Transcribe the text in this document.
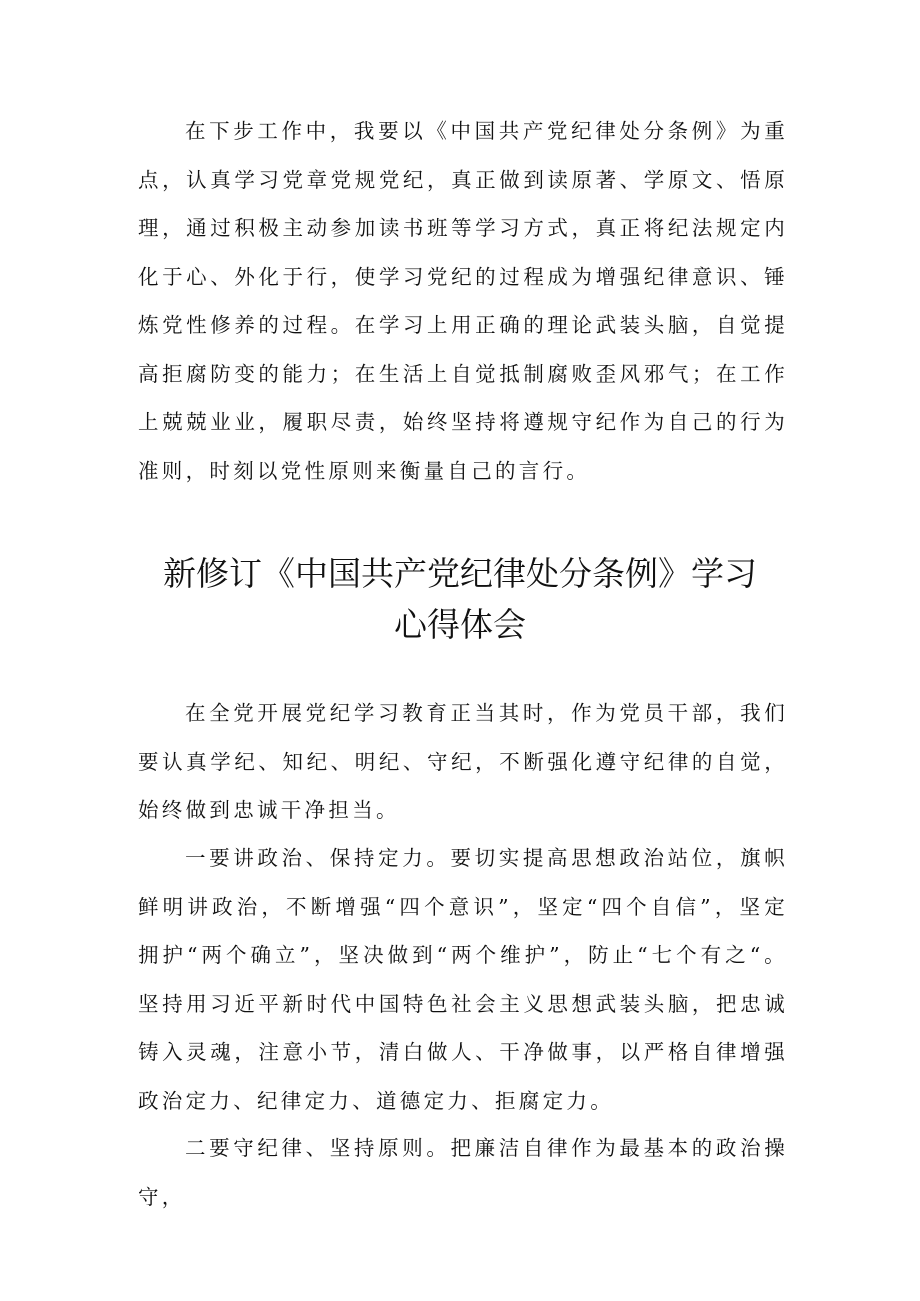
在下步工作中，我要以《中国共产党纪律处分条例》为重点，认真学习党章党规党纪，真正做到读原著、学原文、悟原理，通过积极主动参加读书班等学习方式，真正将纪法规定内化于心、外化于行，使学习党纪的过程成为增强纪律意识、锤炼党性修养的过程。在学习上用正确的理论武装头脑，自觉提高拒腐防变的能力；在生活上自觉抵制腐败歪风邪气；在工作上兢兢业业，履职尽责，始终坚持将遵规守纪作为自己的行为准则，时刻以党性原则来衡量自己的言行。

新修订《中国共产党纪律处分条例》学习
心得体会

在全党开展党纪学习教育正当其时，作为党员干部，我们要认真学纪、知纪、明纪、守纪，不断强化遵守纪律的自觉，始终做到忠诚干净担当。

一要讲政治、保持定力。要切实提高思想政治站位，旗帜鲜明讲政治，不断增强“四个意识”，坚定“四个自信”，坚定拥护“两个确立”，坚决做到“两个维护”，防止“七个有之“。坚持用习近平新时代中国特色社会主义思想武装头脑，把忠诚铸入灵魂，注意小节，清白做人、干净做事，以严格自律增强政治定力、纪律定力、道德定力、拒腐定力。

二要守纪律、坚持原则。把廉洁自律作为最基本的政治操守，
